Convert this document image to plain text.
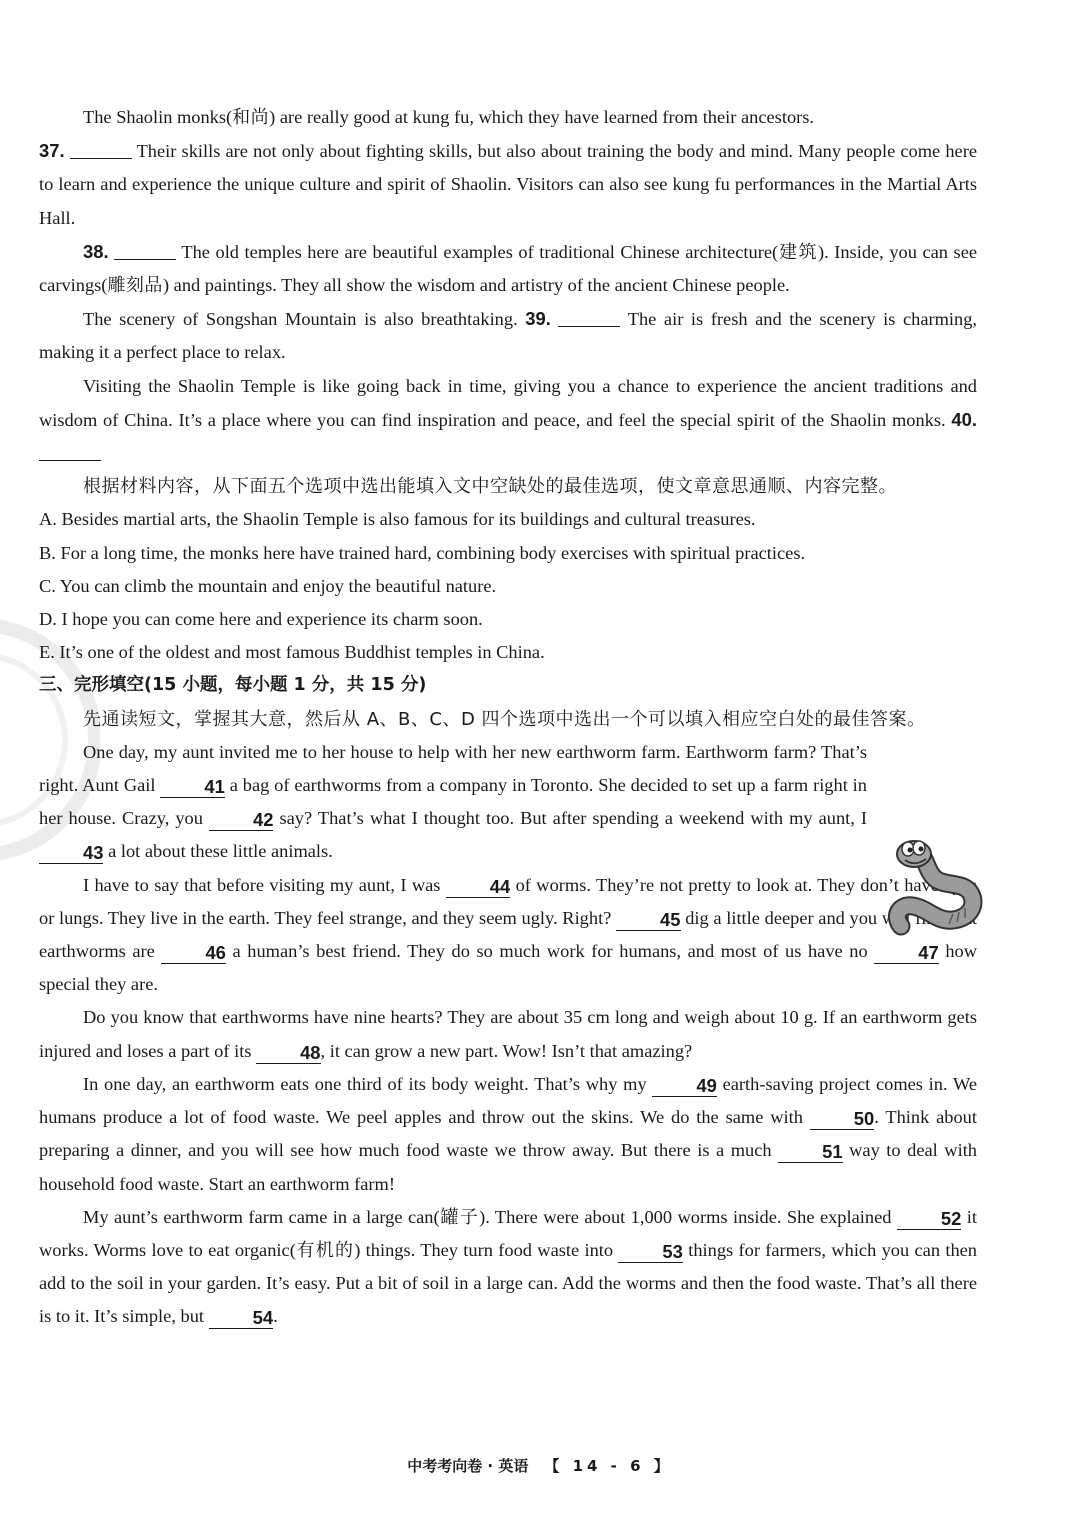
The Shaolin monks(和尚) are really good at kung fu, which they have learned from their ancestors.
37.	Their skills are not only about fighting skills, but also about training the body and mind. Many people come here to learn and experience the unique culture and spirit of Shaolin. Visitors can also see kung fu performances in the Martial Arts Hall.

38.	The old temples here are beautiful examples of traditional Chinese architecture(建筑). Inside, you can see carvings(雕刻品) and paintings. They all show the wisdom and artistry of the ancient Chinese people.

The scenery of Songshan Mountain is also breathtaking. 39.	The air is fresh and the scenery is charming, making it a perfect place to relax.

Visiting the Shaolin Temple is like going back in time, giving you a chance to experience the ancient traditions and wisdom of China. It’s a place where you can find inspiration and peace, and feel the special spirit of the Shaolin monks. 40.

根据材料内容，从下面五个选项中选出能填入文中空缺处的最佳选项，使文章意思通顺、内容完整。

A. Besides martial arts, the Shaolin Temple is also famous for its buildings and cultural treasures.

B. For a long time, the monks here have trained hard, combining body exercises with spiritual practices.

C. You can climb the mountain and enjoy the beautiful nature.

D. I hope you can come here and experience its charm soon.

E. It’s one of the oldest and most famous Buddhist temples in China.

三、完形填空(15 小题，每小题 1 分，共 15 分)

先通读短文，掌握其大意，然后从 A、B、C、D 四个选项中选出一个可以填入相应空白处的最佳答案。

One day, my aunt invited me to her house to help with her new earthworm farm. Earthworm farm? That’s right. Aunt Gail	41 a bag of earthworms from a company in Toronto. She decided to set up a farm right in her house. Crazy, you	42 say? That’s what I thought too. But after spending a weekend with my aunt, I 43 a lot about these little animals.

I have to say that before visiting my aunt, I was	44 of worms. They’re not pretty to look at. They don’t have eyes or lungs. They live in the earth. They feel strange, and they seem ugly. Right?	45 dig a little deeper and you will find that earthworms are	46 a human’s best friend. They do so much work for humans, and most of us have no	47 how special they are.

Do you know that earthworms have nine hearts? They are about 35 cm long and weigh about 10 g. If an earthworm gets injured and loses a part of its	48, it can grow a new part. Wow! Isn’t that amazing?

In one day, an earthworm eats one third of its body weight. That’s why my	49 earth-saving project comes in. We humans produce a lot of food waste. We peel apples and throw out the skins. We do the same with	50. Think about preparing a dinner, and you will see how much food waste we throw away. But there is a much	51 way to deal with household food waste. Start an earthworm farm!

My aunt’s earthworm farm came in a large can(罐子). There were about 1,000 worms inside. She explained	52 it works. Worms love to eat organic(有机的) things. They turn food waste into	53 things for farmers, which you can then add to the soil in your garden. It’s easy. Put a bit of soil in a large can. Add the worms and then the food waste. That’s all there is to it. It’s simple, but	54.

中考考向卷 · 英语 【 14 - 6 】
